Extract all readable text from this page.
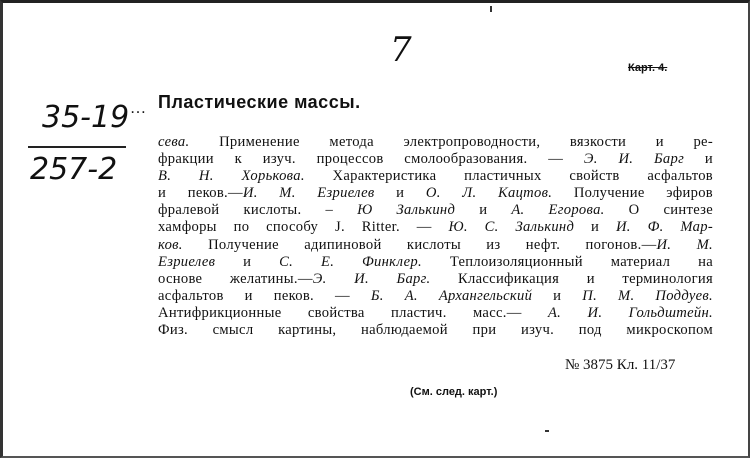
7	Карт. 4.
35-19 …
257-2
Пластические массы.
сева. Применение метода электропроводности, вязкости и ре-
фракции к изуч. процессов смолообразования. — Э. И. Барг и
В. Н. Хорькова. Характеристика пластичных свойств асфальтов
и пеков.—И. М. Езриелев и О. Л. Кацтов. Получение эфиров
фралевой кислоты. – Ю Залькинд и А. Егорова. О синтезе
хамфоры по способу J. Ritter. — Ю. С. Залькинд и И. Ф. Мар-
ков. Получение адипиновой кислоты из нефт. погонов.—И. М.
Езриелев и С. Е. Финклер. Теплоизоляционный материал на
основе желатины.—Э. И. Барг. Классификация и терминология
асфальтов и пеков. — Б. А. Архангельский и П. М. Поддуев.
Антифрикционные свойства пластич. масс.— А. И. Гольдштейн.
Физ. смысл картины, наблюдаемой при изуч. под микроскопом
№ 3875 Кл. 11/37
(См. след. карт.)
